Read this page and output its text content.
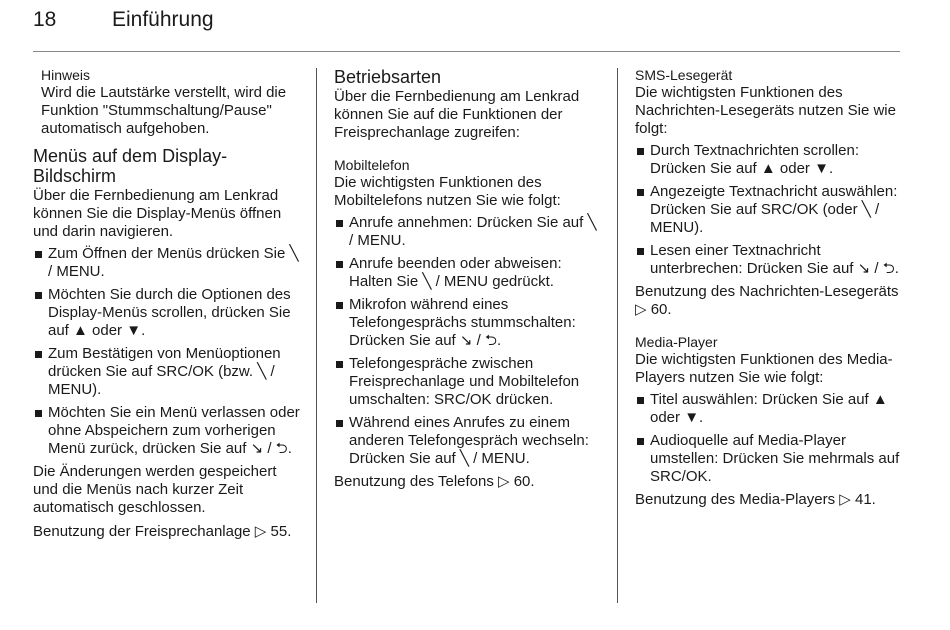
18	Einführung
Hinweis
Wird die Lautstärke verstellt, wird die Funktion "Stummschaltung/Pause" automatisch aufgehoben.
Menüs auf dem Display-Bildschirm
Über die Fernbedienung am Lenkrad können Sie die Display-Menüs öffnen und darin navigieren.
Zum Öffnen der Menüs drücken Sie ╲ / MENU.
Möchten Sie durch die Optionen des Display-Menüs scrollen, drücken Sie auf ▲ oder ▼.
Zum Bestätigen von Menüoptionen drücken Sie auf SRC/OK (bzw. ╲ / MENU).
Möchten Sie ein Menü verlassen oder ohne Abspeichern zum vorherigen Menü zurück, drücken Sie auf ↘ / ⮌.
Die Änderungen werden gespeichert und die Menüs nach kurzer Zeit automatisch geschlossen.
Benutzung der Freisprechanlage ▷ 55.
Betriebsarten
Über die Fernbedienung am Lenkrad können Sie auf die Funktionen der Freisprechanlage zugreifen:
Mobiltelefon
Die wichtigsten Funktionen des Mobiltelefons nutzen Sie wie folgt:
Anrufe annehmen: Drücken Sie auf ╲ / MENU.
Anrufe beenden oder abweisen: Halten Sie ╲ / MENU gedrückt.
Mikrofon während eines Telefongesprächs stummschalten: Drücken Sie auf ↘ / ⮌.
Telefongespräche zwischen Freisprechanlage und Mobiltelefon umschalten: SRC/OK drücken.
Während eines Anrufes zu einem anderen Telefongespräch wechseln: Drücken Sie auf ╲ / MENU.
Benutzung des Telefons ▷ 60.
SMS-Lesegerät
Die wichtigsten Funktionen des Nachrichten-Lesegeräts nutzen Sie wie folgt:
Durch Textnachrichten scrollen: Drücken Sie auf ▲ oder ▼.
Angezeigte Textnachricht auswählen: Drücken Sie auf SRC/OK (oder ╲ / MENU).
Lesen einer Textnachricht unterbrechen: Drücken Sie auf ↘ / ⮌.
Benutzung des Nachrichten-Lesegeräts ▷ 60.
Media-Player
Die wichtigsten Funktionen des Media-Players nutzen Sie wie folgt:
Titel auswählen: Drücken Sie auf ▲ oder ▼.
Audioquelle auf Media-Player umstellen: Drücken Sie mehrmals auf SRC/OK.
Benutzung des Media-Players ▷ 41.
